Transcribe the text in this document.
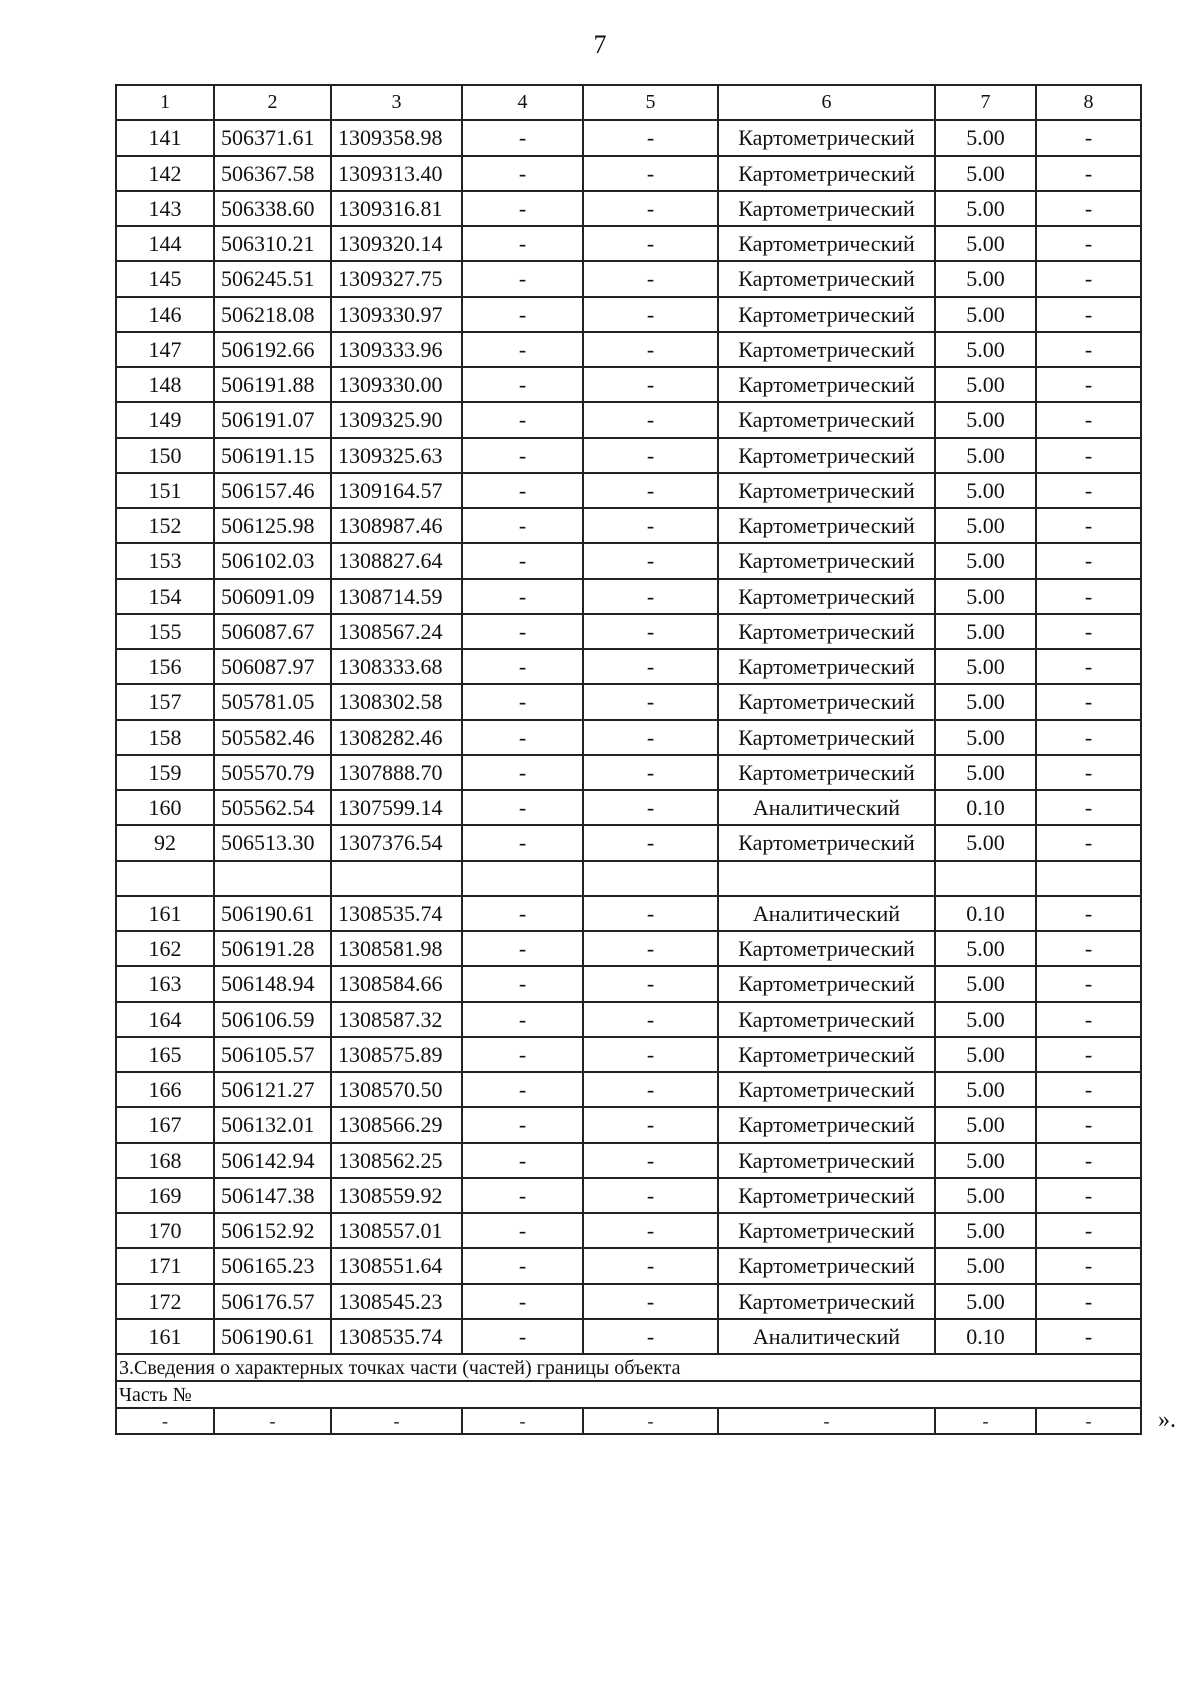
7
1	2	3	4	5	6	7	8
141	506371.61	1309358.98	-	-	Картометрический	5.00	-
142	506367.58	1309313.40	-	-	Картометрический	5.00	-
143	506338.60	1309316.81	-	-	Картометрический	5.00	-
144	506310.21	1309320.14	-	-	Картометрический	5.00	-
145	506245.51	1309327.75	-	-	Картометрический	5.00	-
146	506218.08	1309330.97	-	-	Картометрический	5.00	-
147	506192.66	1309333.96	-	-	Картометрический	5.00	-
148	506191.88	1309330.00	-	-	Картометрический	5.00	-
149	506191.07	1309325.90	-	-	Картометрический	5.00	-
150	506191.15	1309325.63	-	-	Картометрический	5.00	-
151	506157.46	1309164.57	-	-	Картометрический	5.00	-
152	506125.98	1308987.46	-	-	Картометрический	5.00	-
153	506102.03	1308827.64	-	-	Картометрический	5.00	-
154	506091.09	1308714.59	-	-	Картометрический	5.00	-
155	506087.67	1308567.24	-	-	Картометрический	5.00	-
156	506087.97	1308333.68	-	-	Картометрический	5.00	-
157	505781.05	1308302.58	-	-	Картометрический	5.00	-
158	505582.46	1308282.46	-	-	Картометрический	5.00	-
159	505570.79	1307888.70	-	-	Картометрический	5.00	-
160	505562.54	1307599.14	-	-	Аналитический	0.10	-
92	506513.30	1307376.54	-	-	Картометрический	5.00	-

161	506190.61	1308535.74	-	-	Аналитический	0.10	-
162	506191.28	1308581.98	-	-	Картометрический	5.00	-
163	506148.94	1308584.66	-	-	Картометрический	5.00	-
164	506106.59	1308587.32	-	-	Картометрический	5.00	-
165	506105.57	1308575.89	-	-	Картометрический	5.00	-
166	506121.27	1308570.50	-	-	Картометрический	5.00	-
167	506132.01	1308566.29	-	-	Картометрический	5.00	-
168	506142.94	1308562.25	-	-	Картометрический	5.00	-
169	506147.38	1308559.92	-	-	Картометрический	5.00	-
170	506152.92	1308557.01	-	-	Картометрический	5.00	-
171	506165.23	1308551.64	-	-	Картометрический	5.00	-
172	506176.57	1308545.23	-	-	Картометрический	5.00	-
161	506190.61	1308535.74	-	-	Аналитический	0.10	-
3.Сведения о характерных точках части (частей) границы объекта							
Часть №							
-	-	-	-	-	-	-	-	».
